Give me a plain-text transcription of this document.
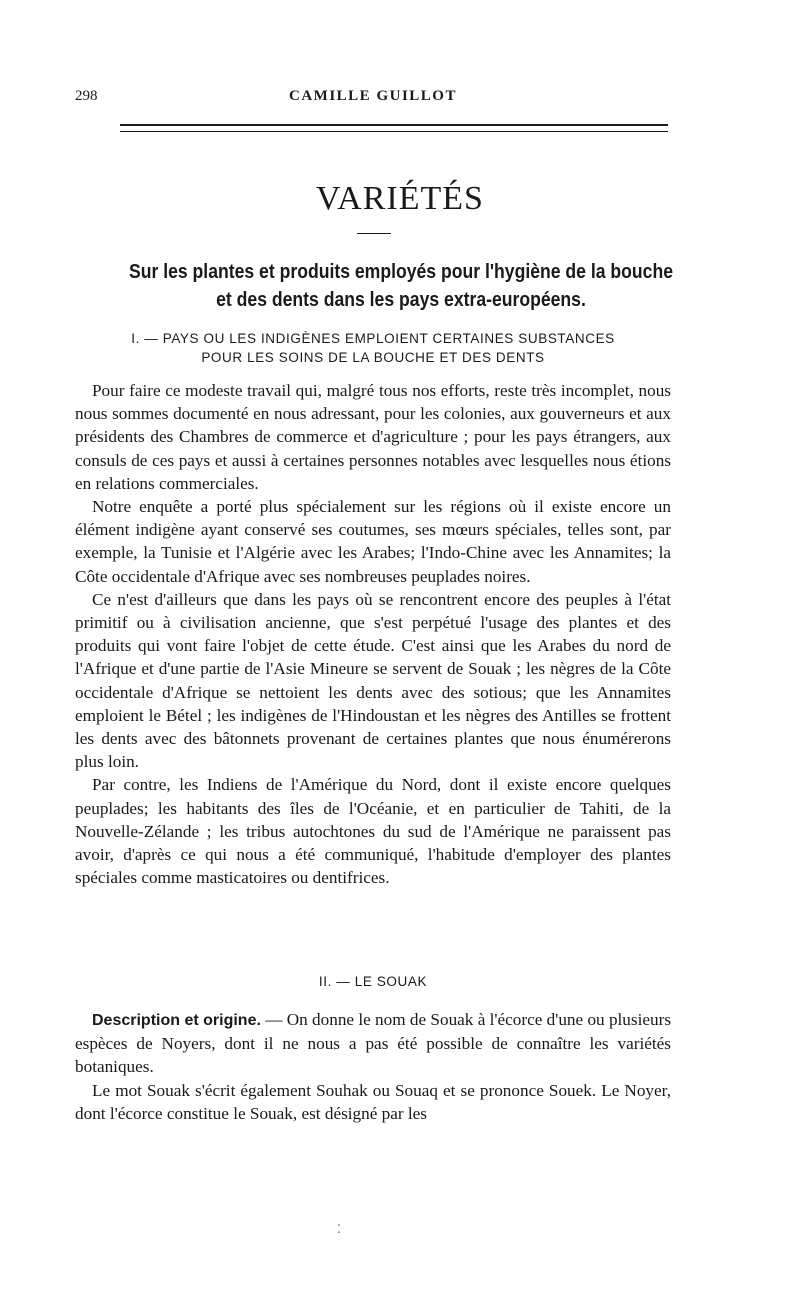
298	CAMILLE GUILLOT
VARIÉTÉS
Sur les plantes et produits employés pour l'hygiène de la bouche
et des dents dans les pays extra-européens.
I. — PAYS OU LES INDIGÈNES EMPLOIENT CERTAINES SUBSTANCES
POUR LES SOINS DE LA BOUCHE ET DES DENTS

Pour faire ce modeste travail qui, malgré tous nos efforts, reste très incomplet, nous nous sommes documenté en nous adressant, pour les colonies, aux gouverneurs et aux présidents des Chambres de commerce et d'agriculture ; pour les pays étrangers, aux consuls de ces pays et aussi à certaines personnes notables avec lesquelles nous étions en relations commerciales.

Notre enquête a porté plus spécialement sur les régions où il existe encore un élément indigène ayant conservé ses coutumes, ses mœurs spéciales, telles sont, par exemple, la Tunisie et l'Algérie avec les Arabes; l'Indo-Chine avec les Annamites; la Côte occidentale d'Afrique avec ses nombreuses peuplades noires.

Ce n'est d'ailleurs que dans les pays où se rencontrent encore des peuples à l'état primitif ou à civilisation ancienne, que s'est perpétué l'usage des plantes et des produits qui vont faire l'objet de cette étude. C'est ainsi que les Arabes du nord de l'Afrique et d'une partie de l'Asie Mineure se servent de Souak ; les nègres de la Côte occidentale d'Afrique se nettoient les dents avec des sotious; que les Annamites emploient le Bétel ; les indigènes de l'Hindoustan et les nègres des Antilles se frottent les dents avec des bâtonnets provenant de certaines plantes que nous énumérerons plus loin.

Par contre, les Indiens de l'Amérique du Nord, dont il existe encore quelques peuplades; les habitants des îles de l'Océanie, et en particulier de Tahiti, de la Nouvelle-Zélande ; les tribus autochtones du sud de l'Amérique ne paraissent pas avoir, d'après ce qui nous a été communiqué, l'habitude d'employer des plantes spéciales comme masticatoires ou dentifrices.

II. — LE SOUAK

Description et origine. — On donne le nom de Souak à l'écorce d'une ou plusieurs espèces de Noyers, dont il ne nous a pas été possible de connaître les variétés botaniques.

Le mot Souak s'écrit également Souhak ou Souaq et se prononce Souek. Le Noyer, dont l'écorce constitue le Souak, est désigné par les

⁚
